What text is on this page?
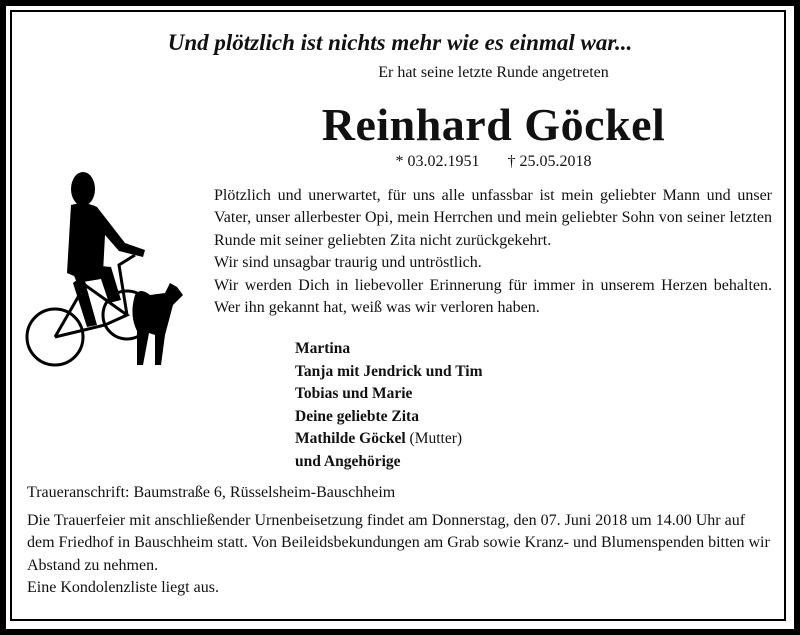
Und plötzlich ist nichts mehr wie es einmal war...
Er hat seine letzte Runde angetreten
Reinhard Göckel
* 03.02.1951 † 25.05.2018

Plötzlich und unerwartet, für uns alle unfassbar ist mein geliebter Mann und unser Vater, unser allerbester Opi, mein Herrchen und mein geliebter Sohn von seiner letzten Runde mit seiner geliebten Zita nicht zurückgekehrt.

Wir sind unsagbar traurig und untröstlich.

Wir werden Dich in liebevoller Erinnerung für immer in unserem Herzen behalten. Wer ihn gekannt hat, weiß was wir verloren haben.

Martina
Tanja mit Jendrick und Tim
Tobias und Marie
Deine geliebte Zita
Mathilde Göckel (Mutter)
und Angehörige
Traueranschrift: Baumstraße 6, Rüsselsheim-Bauschheim
Die Trauerfeier mit anschließender Urnenbeisetzung findet am Donnerstag, den 07. Juni 2018 um 14.00 Uhr auf dem Friedhof in Bauschheim statt. Von Beileidsbekundungen am Grab sowie Kranz- und Blumenspenden bitten wir Abstand zu nehmen.
Eine Kondolenzliste liegt aus.
